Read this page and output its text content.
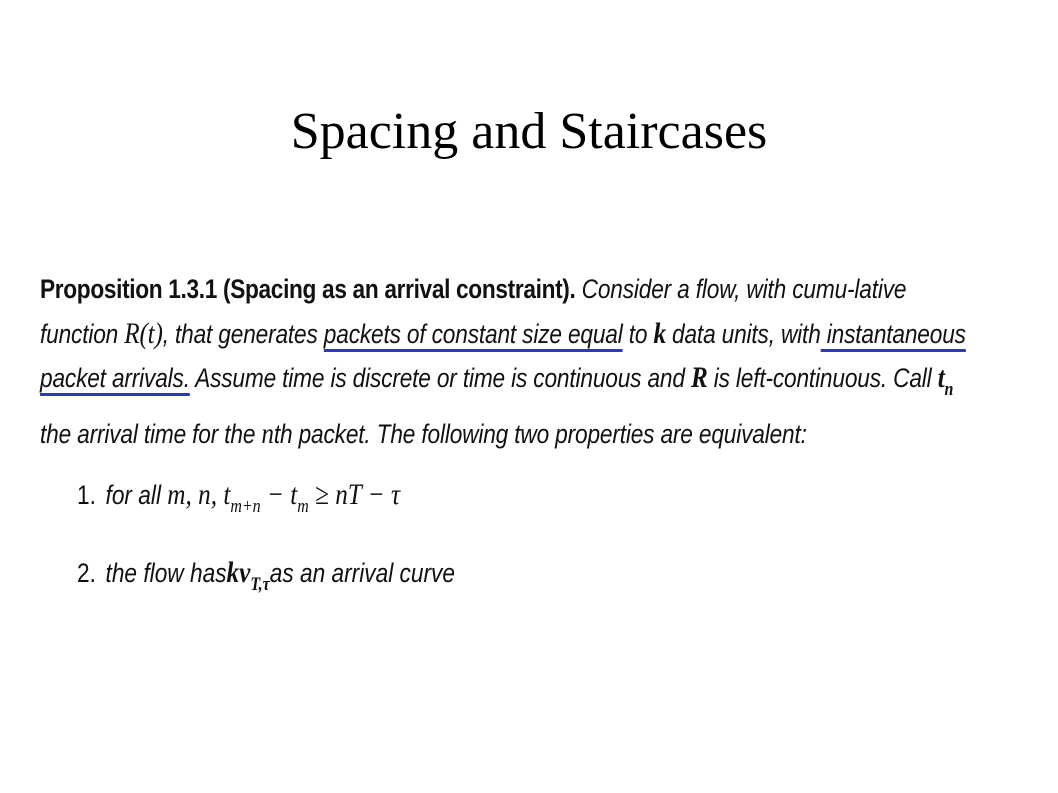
Spacing and Staircases
Proposition 1.3.1 (Spacing as an arrival constraint). Consider a flow, with cumu-lative function R(t), that generates packets of constant size equal to k data units, with instantaneous packet arrivals. Assume time is discrete or time is continuous and R is left-continuous. Call $t_n$ the arrival time for the nth packet. The following two properties are equivalent:
1. for all
m, n,
$t_{m+n} - t_m$ ≥ nT − τ
2. the flow has $kv_{T,\tau}$ as an arrival curve
